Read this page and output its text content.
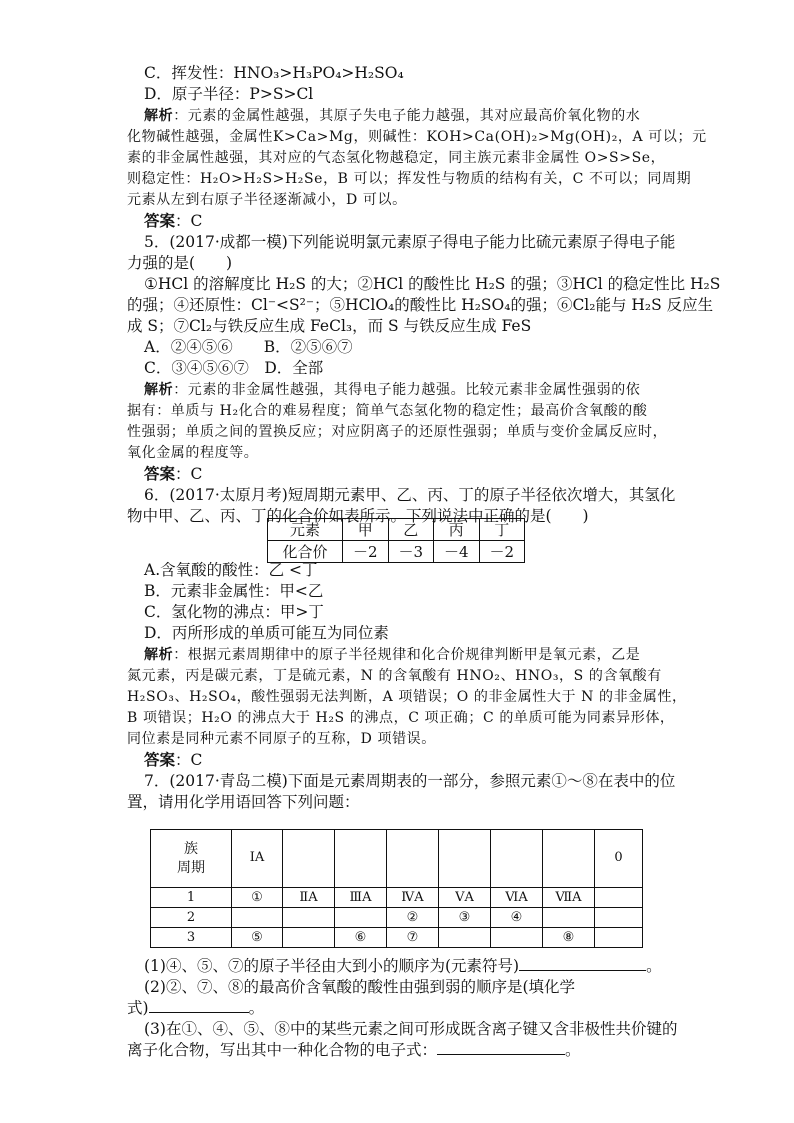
C．挥发性：HNO₃>H₃PO₄>H₂SO₄
D．原子半径：P>S>Cl
解析：元素的金属性越强，其原子失电子能力越强，其对应最高价氧化物的水
化物碱性越强，金属性K>Ca>Mg，则碱性：KOH>Ca(OH)₂>Mg(OH)₂，A 可以；元
素的非金属性越强，其对应的气态氢化物越稳定，同主族元素非金属性 O>S>Se，
则稳定性：H₂O>H₂S>H₂Se，B 可以；挥发性与物质的结构有关，C 不可以；同周期
元素从左到右原子半径逐渐减小，D 可以。
答案：C
5．(2017·成都一模)下列能说明氯元素原子得电子能力比硫元素原子得电子能
力强的是(　　)
①HCl 的溶解度比 H₂S 的大；②HCl 的酸性比 H₂S 的强；③HCl 的稳定性比 H₂S
的强；④还原性：Cl⁻<S²⁻；⑤HClO₄的酸性比 H₂SO₄的强；⑥Cl₂能与 H₂S 反应生
成 S；⑦Cl₂与铁反应生成 FeCl₃，而 S 与铁反应生成 FeS
A．②④⑤⑥　　B．②⑤⑥⑦
C．③④⑤⑥⑦　D．全部
解析：元素的非金属性越强，其得电子能力越强。比较元素非金属性强弱的依
据有：单质与 H₂化合的难易程度；简单气态氢化物的稳定性；最高价含氧酸的酸
性强弱；单质之间的置换反应；对应阴离子的还原性强弱；单质与变价金属反应时，
氧化金属的程度等。
答案：C
6．(2017·太原月考)短周期元素甲、乙、丙、丁的原子半径依次增大，其氢化
物中甲、乙、丙、丁的化合价如表所示。下列说法中正确的是(　　)
元素	甲	乙	丙	丁
化合价	－2	－3	－4	－2
A.含氧酸的酸性：乙 <丁
B．元素非金属性：甲<乙
C．氢化物的沸点：甲>丁
D．丙所形成的单质可能互为同位素
解析：根据元素周期律中的原子半径规律和化合价规律判断甲是氧元素，乙是
氮元素，丙是碳元素，丁是硫元素，N 的含氧酸有 HNO₂、HNO₃，S 的含氧酸有
H₂SO₃、H₂SO₄，酸性强弱无法判断，A 项错误；O 的非金属性大于 N 的非金属性，
B 项错误；H₂O 的沸点大于 H₂S 的沸点，C 项正确；C 的单质可能为同素异形体，
同位素是同种元素不同原子的互称，D 项错误。
答案：C
7．(2017·青岛二模)下面是元素周期表的一部分，参照元素①～⑧在表中的位
置，请用化学用语回答下列问题：
族
周期	ⅠA							0
1	①	ⅡA	ⅢA	ⅣA	ⅤA	ⅥA	ⅦA	
2				②	③	④		
3	⑤		⑥	⑦			⑧	
(1)④、⑤、⑦的原子半径由大到小的顺序为(元素符号)	。
(2)②、⑦、⑧的最高价含氧酸的酸性由强到弱的顺序是(填化学
式)	。
(3)在①、④、⑤、⑧中的某些元素之间可形成既含离子键又含非极性共价键的
离子化合物，写出其中一种化合物的电子式：	。
